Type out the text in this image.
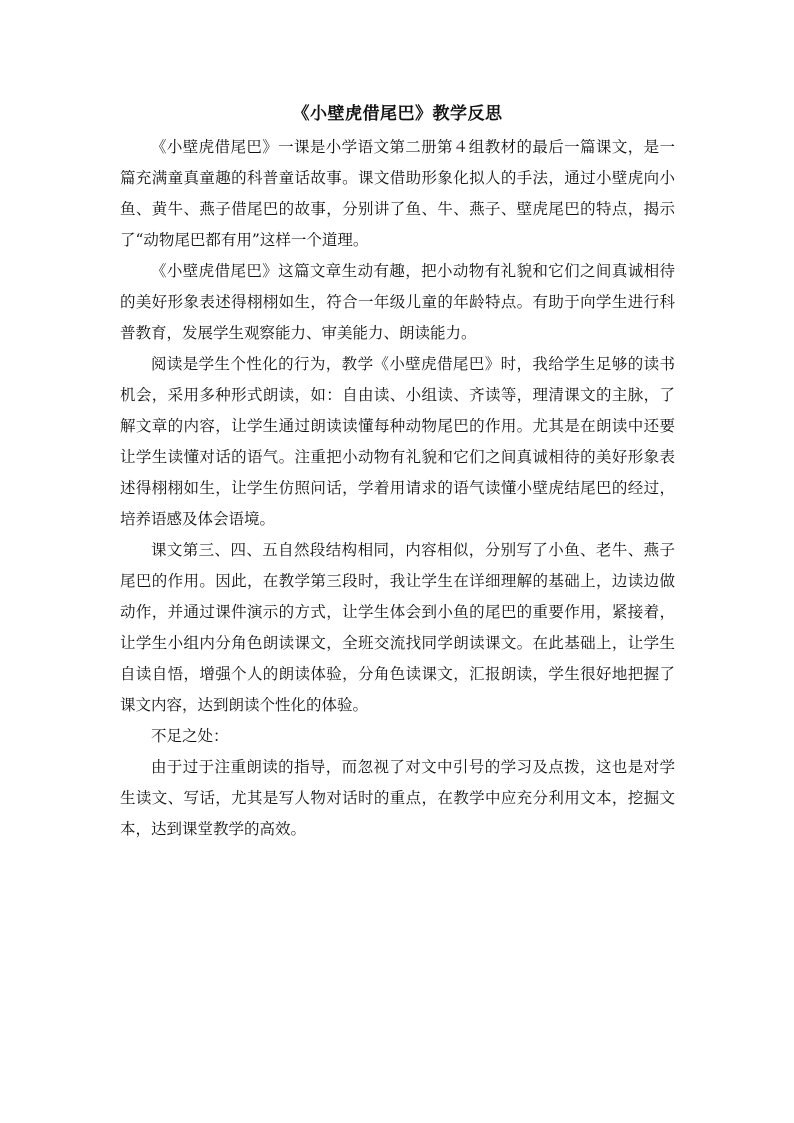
《小壁虎借尾巴》教学反思

《小壁虎借尾巴》一课是小学语文第二册第４组教材的最后一篇课文，是一篇充满童真童趣的科普童话故事。课文借助形象化拟人的手法，通过小壁虎向小鱼、黄牛、燕子借尾巴的故事，分别讲了鱼、牛、燕子、壁虎尾巴的特点，揭示了“动物尾巴都有用”这样一个道理。

《小壁虎借尾巴》这篇文章生动有趣，把小动物有礼貌和它们之间真诚相待的美好形象表述得栩栩如生，符合一年级儿童的年龄特点。有助于向学生进行科普教育，发展学生观察能力、审美能力、朗读能力。

阅读是学生个性化的行为，教学《小壁虎借尾巴》时，我给学生足够的读书机会，采用多种形式朗读，如：自由读、小组读、齐读等，理清课文的主脉，了解文章的内容，让学生通过朗读读懂每种动物尾巴的作用。尤其是在朗读中还要让学生读懂对话的语气。注重把小动物有礼貌和它们之间真诚相待的美好形象表述得栩栩如生，让学生仿照问话，学着用请求的语气读懂小壁虎结尾巴的经过，培养语感及体会语境。

课文第三、四、五自然段结构相同，内容相似，分别写了小鱼、老牛、燕子尾巴的作用。因此，在教学第三段时，我让学生在详细理解的基础上，边读边做动作，并通过课件演示的方式，让学生体会到小鱼的尾巴的重要作用，紧接着，让学生小组内分角色朗读课文，全班交流找同学朗读课文。在此基础上，让学生自读自悟，增强个人的朗读体验，分角色读课文，汇报朗读，学生很好地把握了课文内容，达到朗读个性化的体验。

不足之处：

由于过于注重朗读的指导，而忽视了对文中引号的学习及点拨，这也是对学生读文、写话，尤其是写人物对话时的重点，在教学中应充分利用文本，挖掘文本，达到课堂教学的高效。
